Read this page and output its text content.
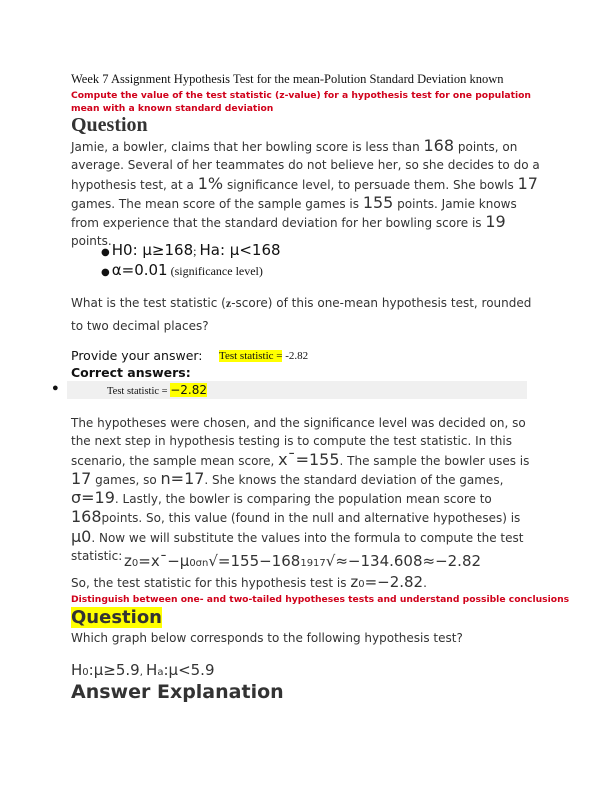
Week 7 Assignment Hypothesis Test for the mean-Polution Standard Deviation known
Compute the value of the test statistic (z-value) for a hypothesis test for one population mean with a known standard deviation
Question
Jamie, a bowler, claims that her bowling score is less than 168 points, on average. Several of her teammates do not believe her, so she decides to do a hypothesis test, at a 1% significance level, to persuade them. She bowls 17 games. The mean score of the sample games is 155 points. Jamie knows from experience that the standard deviation for her bowling score is 19 points.
● H0: μ≥168; Ha: μ<168
● α=0.01 (significance level)
What is the test statistic (z-score) of this one-mean hypothesis test, rounded to two decimal places?
Provide your answer: Test statistic = -2.82
Correct answers:
●	Test statistic = −2.82
The hypotheses were chosen, and the significance level was decided on, so the next step in hypothesis testing is to compute the test statistic. In this scenario, the sample mean score, x¯=155. The sample the bowler uses is 17 games, so n=17. She knows the standard deviation of the games, σ=19. Lastly, the bowler is comparing the population mean score to 168points. So, this value (found in the null and alternative hypotheses) is μ0. Now we will substitute the values into the formula to compute the test statistic: z0=x¯−μ0σn√=155−1681917√≈−134.608≈−2.82
So, the test statistic for this hypothesis test is z0=−2.82.
Distinguish between one- and two-tailed hypotheses tests and understand possible conclusions
Question
Which graph below corresponds to the following hypothesis test?
H0:μ≥5.9, Ha:μ<5.9
Answer Explanation
